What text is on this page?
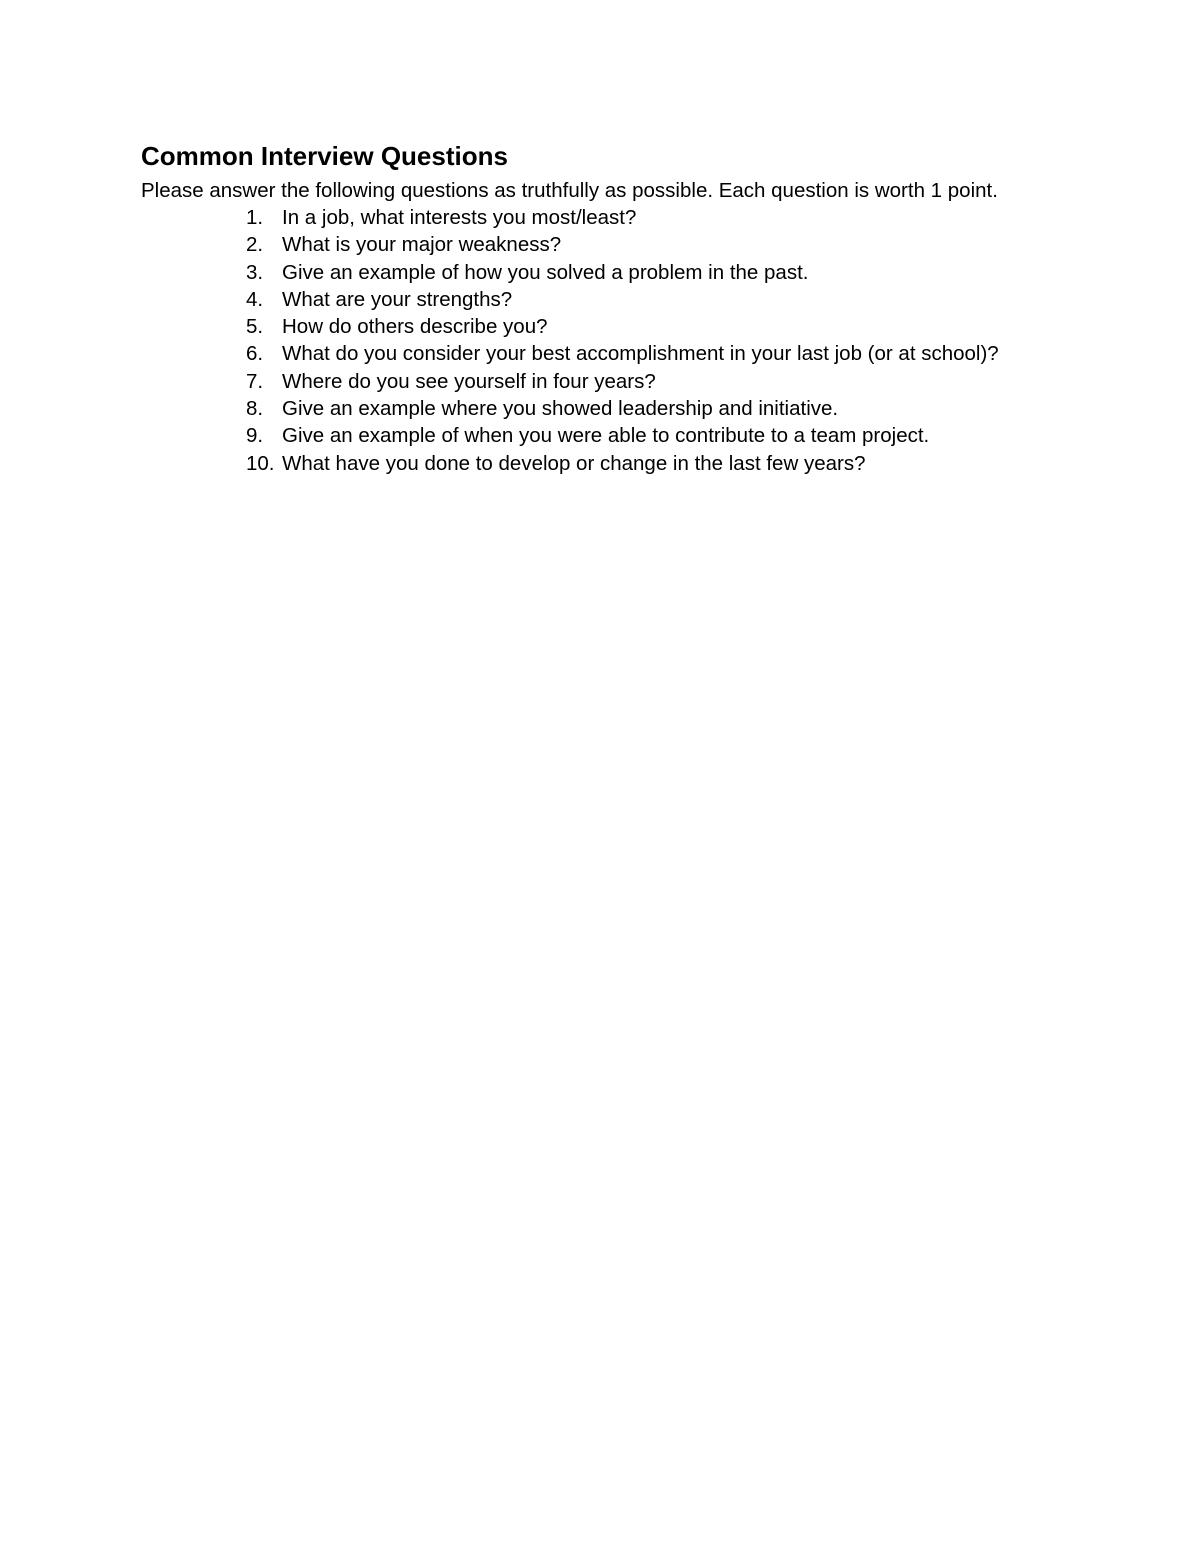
Common Interview Questions
Please answer the following questions as truthfully as possible. Each question is worth 1 point.
1. In a job, what interests you most/least?
2. What is your major weakness?
3. Give an example of how you solved a problem in the past.
4. What are your strengths?
5. How do others describe you?
6. What do you consider your best accomplishment in your last job (or at school)?
7. Where do you see yourself in four years?
8. Give an example where you showed leadership and initiative.
9. Give an example of when you were able to contribute to a team project.
10. What have you done to develop or change in the last few years?
